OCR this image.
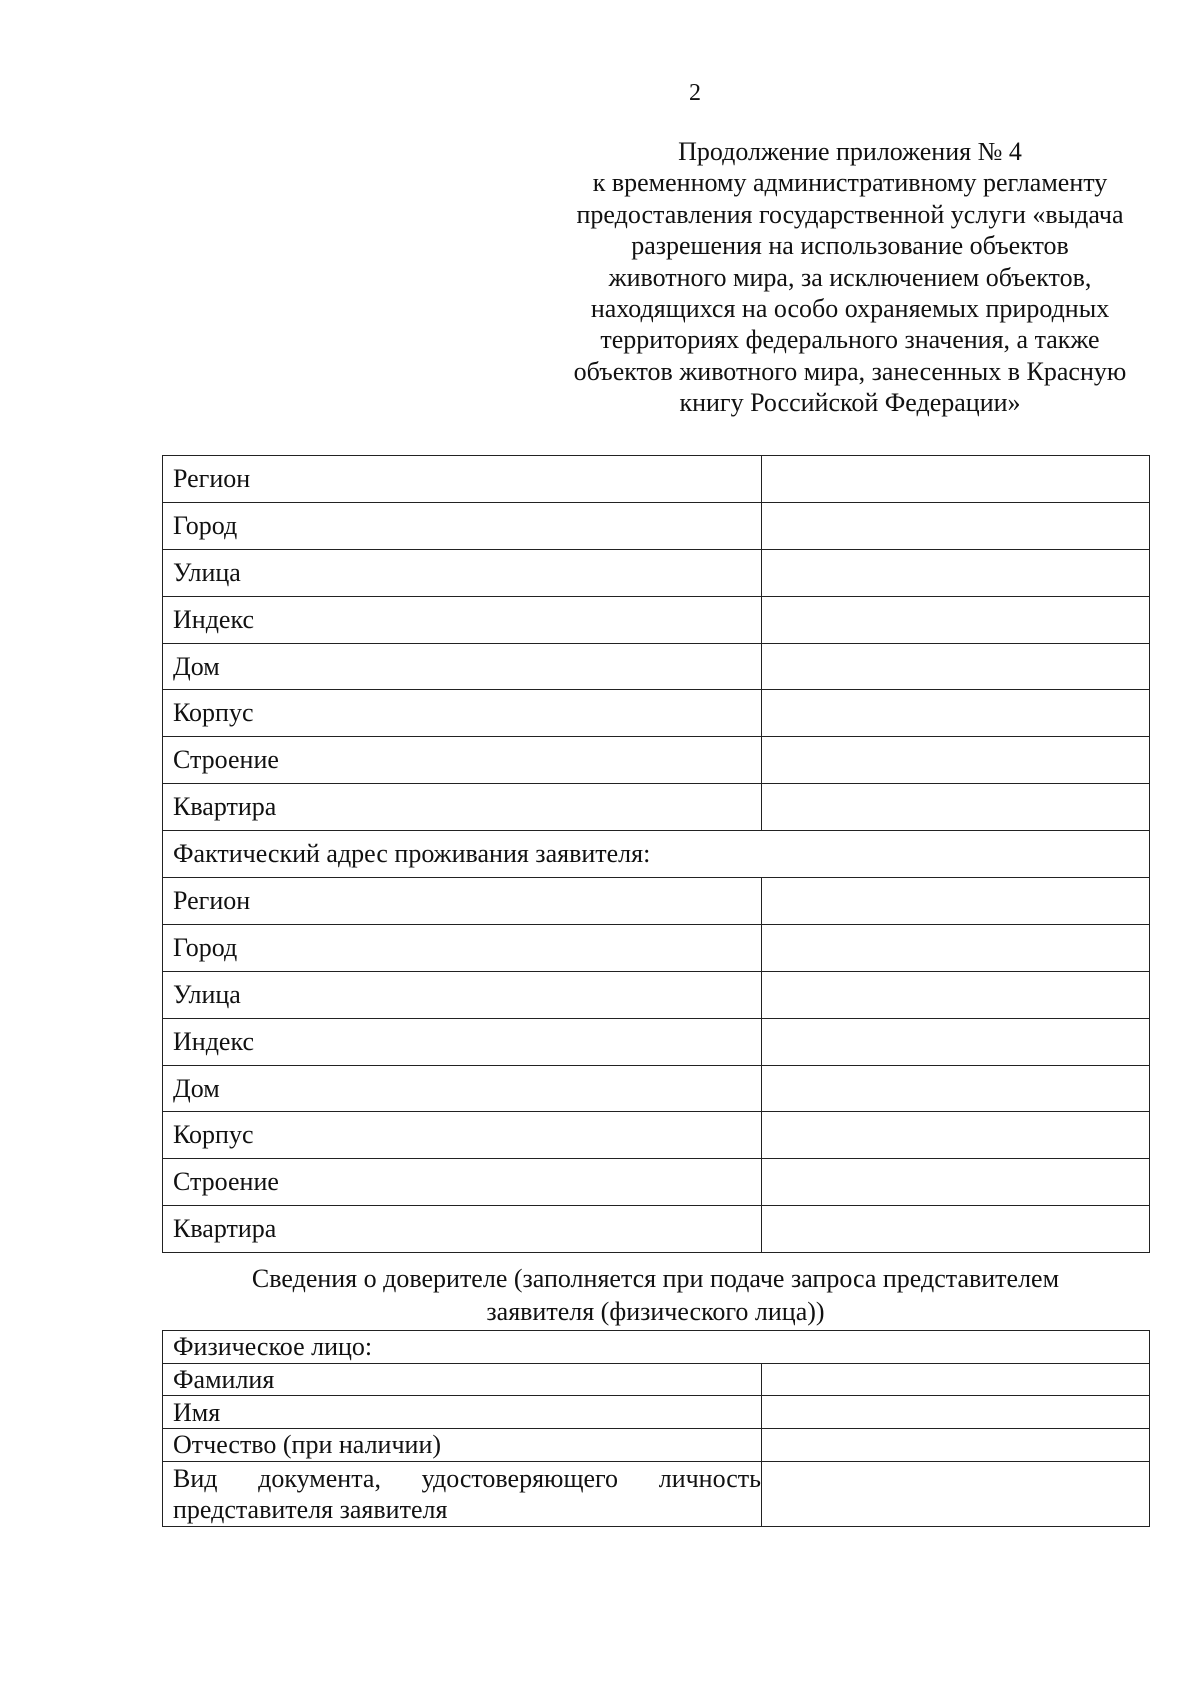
2
Продолжение приложения № 4
к временному административному регламенту
предоставления государственной услуги «выдача
разрешения на использование объектов
животного мира, за исключением объектов,
находящихся на особо охраняемых природных
территориях федерального значения, а также
объектов животного мира, занесенных в Красную
книгу Российской Федерации»
Регион	
Город	
Улица	
Индекс	
Дом	
Корпус	
Строение	
Квартира	
Фактический адрес проживания заявителя:	
Регион	
Город	
Улица	
Индекс	
Дом	
Корпус	
Строение	
Квартира	
Сведения о доверителе (заполняется при подаче запроса представителем
заявителя (физического лица))
Физическое лицо:	
Фамилия	
Имя	
Отчество (при наличии)	
Вид документа, удостоверяющего личность представителя заявителя	
